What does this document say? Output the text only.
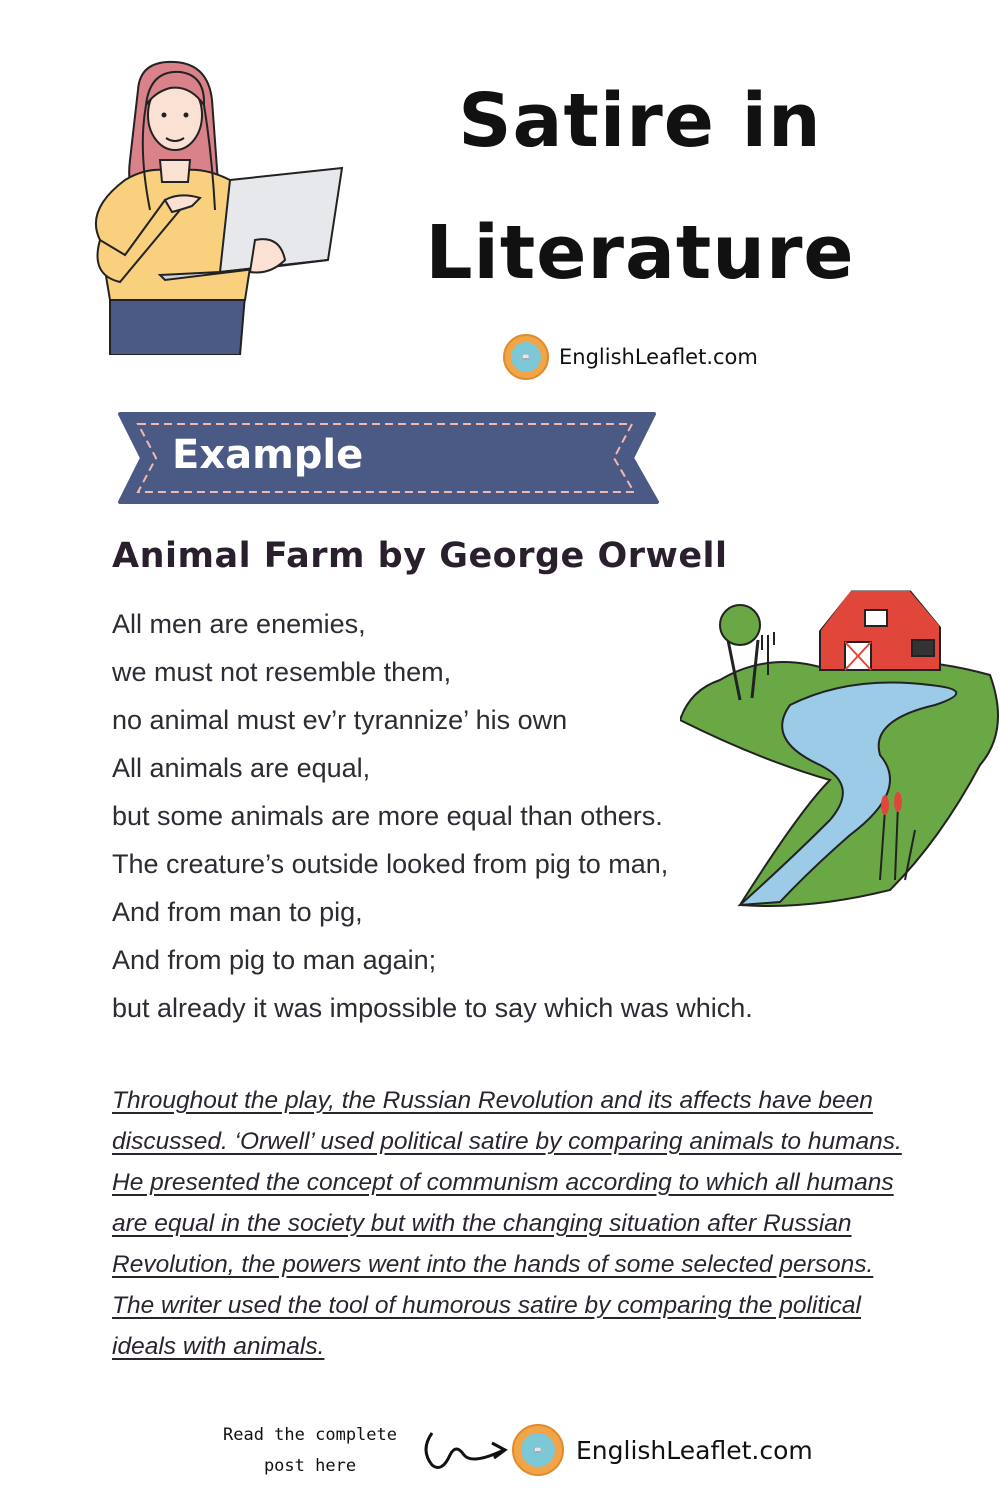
Satire in
Literature
📖	EnglishLeaflet.com
Example
Animal Farm by George Orwell
All men are enemies,
we must not resemble them,
no animal must ev’r tyrannize’ his own
All animals are equal,
but some animals are more equal than others.
The creature’s outside looked from pig to man,
And from man to pig,
And from pig to man again;
but already it was impossible to say which was which.
Throughout the play, the Russian Revolution and its affects have been discussed. ‘Orwell’ used political satire by comparing animals to humans. He presented the concept of communism according to which all humans are equal in the society but with the changing situation after Russian Revolution, the powers went into the hands of some selected persons. The writer used the tool of humorous satire by comparing the political ideals with animals.
Read the complete
post here
📖	EnglishLeaflet.com
